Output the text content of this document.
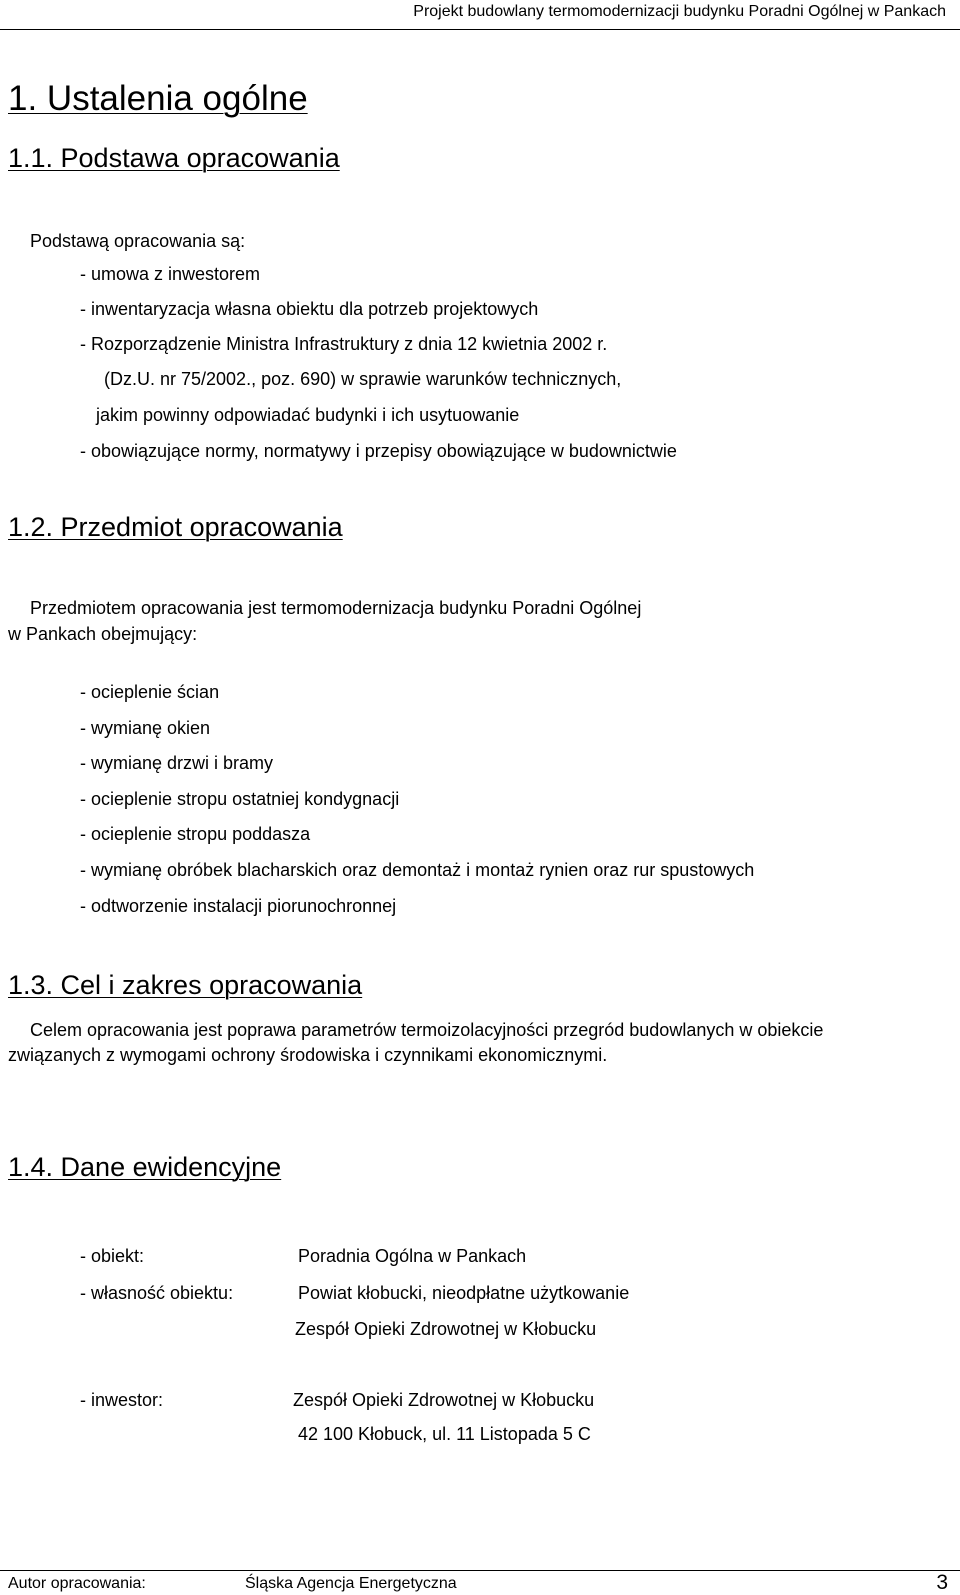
Projekt budowlany termomodernizacji budynku Poradni Ogólnej w Pankach
1. Ustalenia ogólne
1.1. Podstawa opracowania
Podstawą opracowania są:
- umowa z inwestorem
- inwentaryzacja własna obiektu dla potrzeb projektowych
- Rozporządzenie Ministra Infrastruktury z dnia 12 kwietnia 2002 r.
(Dz.U. nr 75/2002., poz. 690) w sprawie warunków technicznych,
jakim powinny odpowiadać budynki i ich usytuowanie
- obowiązujące normy, normatywy i przepisy obowiązujące w budownictwie
1.2. Przedmiot opracowania
Przedmiotem opracowania jest termomodernizacja budynku Poradni Ogólnej
w Pankach obejmujący:
- ocieplenie ścian
- wymianę okien
- wymianę drzwi i bramy
- ocieplenie stropu ostatniej kondygnacji
- ocieplenie stropu poddasza
- wymianę obróbek blacharskich oraz demontaż i montaż rynien oraz rur spustowych
- odtworzenie instalacji piorunochronnej
1.3. Cel i zakres opracowania
Celem opracowania jest poprawa parametrów termoizolacyjności przegród budowlanych w obiekcie
związanych z wymogami ochrony środowiska i czynnikami ekonomicznymi.
1.4. Dane ewidencyjne
- obiekt:	Poradnia Ogólna w Pankach
- własność obiektu:	Powiat kłobucki, nieodpłatne użytkowanie
Zespół Opieki Zdrowotnej w Kłobucku
- inwestor:	Zespół Opieki Zdrowotnej w Kłobucku
42 100 Kłobuck, ul. 11 Listopada 5 C
Autor opracowania:	Śląska Agencja Energetyczna	3
